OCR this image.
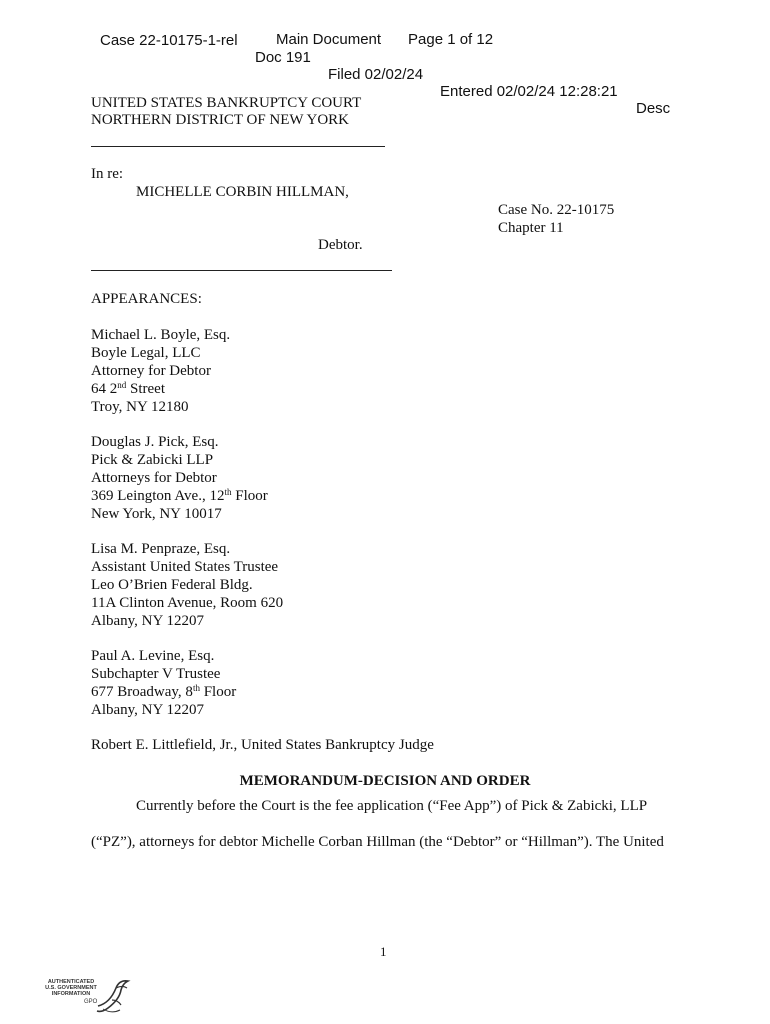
Case 22-10175-1-rel

Doc 191

Filed 02/02/24

Entered 02/02/24 12:28:21

Desc

Main Document

Page 1 of 12

UNITED STATES BANKRUPTCY COURT
NORTHERN DISTRICT OF NEW YORK
In re:
MICHELLE CORBIN HILLMAN,
Case No. 22-10175
Chapter 11
Debtor.
APPEARANCES:
Michael L. Boyle, Esq.
Boyle Legal, LLC
Attorney for Debtor
64 2nd Street
Troy, NY 12180
Douglas J. Pick, Esq.
Pick & Zabicki LLP
Attorneys for Debtor
369 Leington Ave., 12th Floor
New York, NY 10017
Lisa M. Penpraze, Esq.
Assistant United States Trustee
Leo O’Brien Federal Bldg.
11A Clinton Avenue, Room 620
Albany, NY 12207
Paul A. Levine, Esq.
Subchapter V Trustee
677 Broadway, 8th Floor
Albany, NY 12207
Robert E. Littlefield, Jr., United States Bankruptcy Judge
MEMORANDUM-DECISION AND ORDER
Currently before the Court is the fee application (“Fee App”) of Pick & Zabicki, LLP
(“PZ”), attorneys for debtor Michelle Corban Hillman (the “Debtor” or “Hillman”). The United
1
AUTHENTICATED
U.S. GOVERNMENT
INFORMATION
GPO
